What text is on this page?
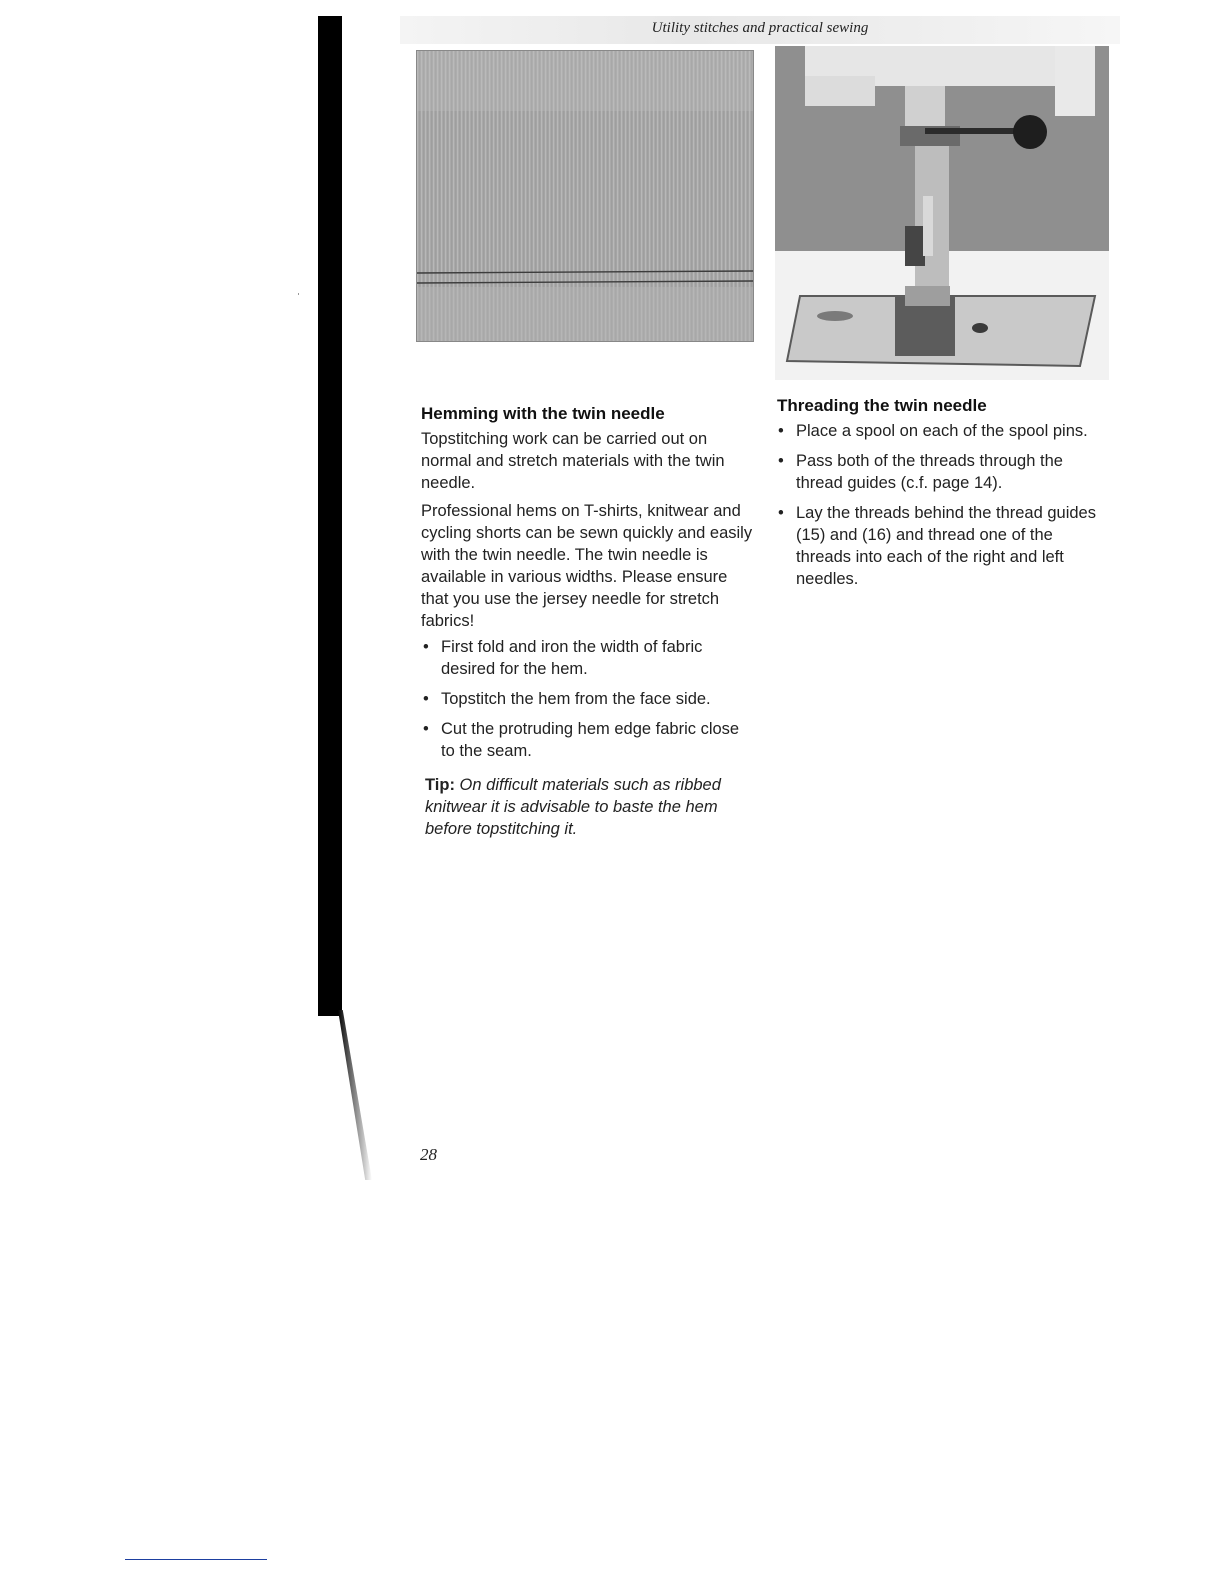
Utility stitches and practical sewing
Hemming with the twin needle

Topstitching work can be carried out on normal and stretch materials with the twin needle.

Professional hems on T-shirts, knitwear and cycling shorts can be sewn quickly and easily with the twin needle. The twin needle is available in various widths. Please ensure that you use the jersey needle for stretch fabrics!

• First fold and iron the width of fabric desired for the hem.
• Topstitch the hem from the face side.
• Cut the protruding hem edge fabric close to the seam.

Tip: On difficult materials such as ribbed knitwear it is advisable to baste the hem before topstitching it.

Threading the twin needle
• Place a spool on each of the spool pins.
• Pass both of the threads through the thread guides (c.f. page 14).
• Lay the threads behind the thread guides (15) and (16) and thread one of the threads into each of the right and left needles.
28
